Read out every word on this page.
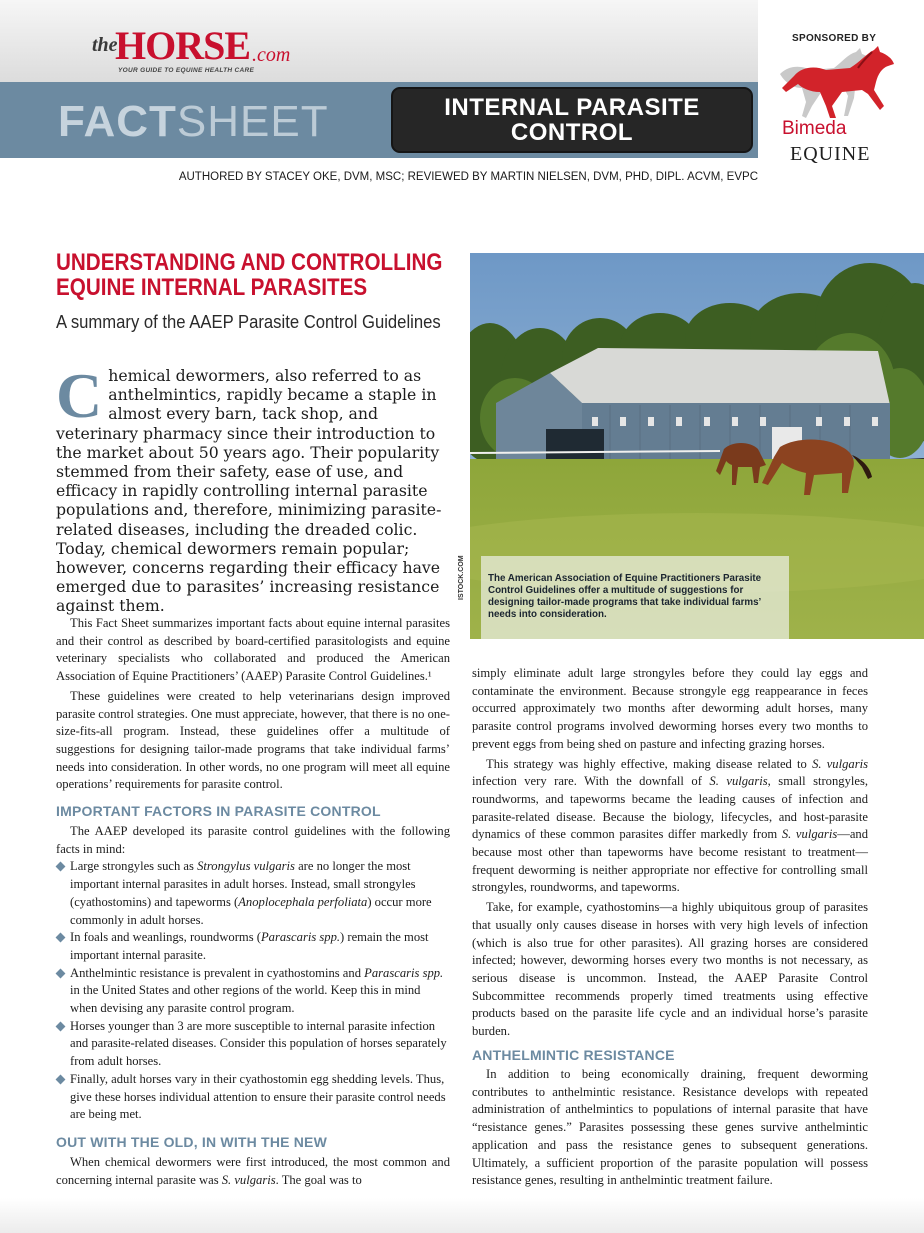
the
HORSE .com
YOUR GUIDE TO EQUINE HEALTH CARE
FACTSHEET	INTERNAL PARASITE
CONTROL
SPONSORED BY
Bimeda
EQUINE
AUTHORED BY STACEY OKE, DVM, MSC; REVIEWED BY MARTIN NIELSEN, DVM, PHD, DIPL. ACVM, EVPC
UNDERSTANDING AND CONTROLLING
EQUINE INTERNAL PARASITES
A summary of the AAEP Parasite Control Guidelines
Chemical dewormers, also referred to as anthelmintics, rapidly became a staple in almost every barn, tack shop, and veterinary pharmacy since their introduction to the market about 50 years ago. Their popularity stemmed from their safety, ease of use, and efficacy in rapidly controlling internal parasite populations and, therefore, minimizing parasite-related diseases, including the dreaded colic. Today, chemical dewormers remain popular; however, concerns regarding their efficacy have emerged due to parasites’ increasing resistance against them.

This Fact Sheet summarizes important facts about equine internal parasites and their control as described by board-certified parasitologists and equine veterinary specialists who collaborated and produced the American Association of Equine Practitioners’ (AAEP) Parasite Control Guidelines.¹

These guidelines were created to help veterinarians design improved parasite control strategies. One must appreciate, however, that there is no one-size-fits-all program. Instead, these guidelines offer a multitude of suggestions for designing tailor-made programs that take individual farms’ needs into consideration. In other words, no one program will meet all equine operations’ requirements for parasite control.

IMPORTANT FACTORS IN PARASITE CONTROL

The AAEP developed its parasite control guidelines with the following facts in mind:

Large strongyles such as Strongylus vulgaris are no longer the most important internal parasites in adult horses. Instead, small strongyles (cyathostomins) and tapeworms (Anoplocephala perfoliata) occur more commonly in adult horses.
In foals and weanlings, roundworms (Parascaris spp.) remain the most important internal parasite.
Anthelmintic resistance is prevalent in cyathostomins and Parascaris spp. in the United States and other regions of the world. Keep this in mind when devising any parasite control program.
Horses younger than 3 are more susceptible to internal parasite infection and parasite-related diseases. Consider this population of horses separately from adult horses.
Finally, adult horses vary in their cyathostomin egg shedding levels. Thus, give these horses individual attention to ensure their parasite control needs are being met.
OUT WITH THE OLD, IN WITH THE NEW

When chemical dewormers were first introduced, the most common and concerning internal parasite was S. vulgaris. The goal was to

The American Association of Equine Practitioners Parasite Control Guidelines offer a multitude of suggestions for designing tailor-made programs that take individual farms’ needs into consideration.
ISTOCK.COM

simply eliminate adult large strongyles before they could lay eggs and contaminate the environment. Because strongyle egg reappearance in feces occurred approximately two months after deworming adult horses, many parasite control programs involved deworming horses every two months to prevent eggs from being shed on pasture and infecting grazing horses.

This strategy was highly effective, making disease related to S. vulgaris infection very rare. With the downfall of S. vulgaris, small strongyles, roundworms, and tapeworms became the leading causes of infection and parasite-related disease. Because the biology, lifecycles, and host-parasite dynamics of these common parasites differ markedly from S. vulgaris—and because most other than tapeworms have become resistant to treatment—frequent deworming is neither appropriate nor effective for controlling small strongyles, roundworms, and tapeworms.

Take, for example, cyathostomins—a highly ubiquitous group of parasites that usually only causes disease in horses with very high levels of infection (which is also true for other parasites). All grazing horses are considered infected; however, deworming horses every two months is not necessary, as serious disease is uncommon. Instead, the AAEP Parasite Control Subcommittee recommends properly timed treatments using effective products based on the parasite life cycle and an individual horse’s parasite burden.

ANTHELMINTIC RESISTANCE

In addition to being economically draining, frequent deworming contributes to anthelmintic resistance. Resistance develops with repeated administration of anthelmintics to populations of internal parasite that have “resistance genes.” Parasites possessing these genes survive anthelmintic application and pass the resistance genes to subsequent generations. Ultimately, a sufficient proportion of the parasite population will possess resistance genes, resulting in anthelmintic treatment failure.
